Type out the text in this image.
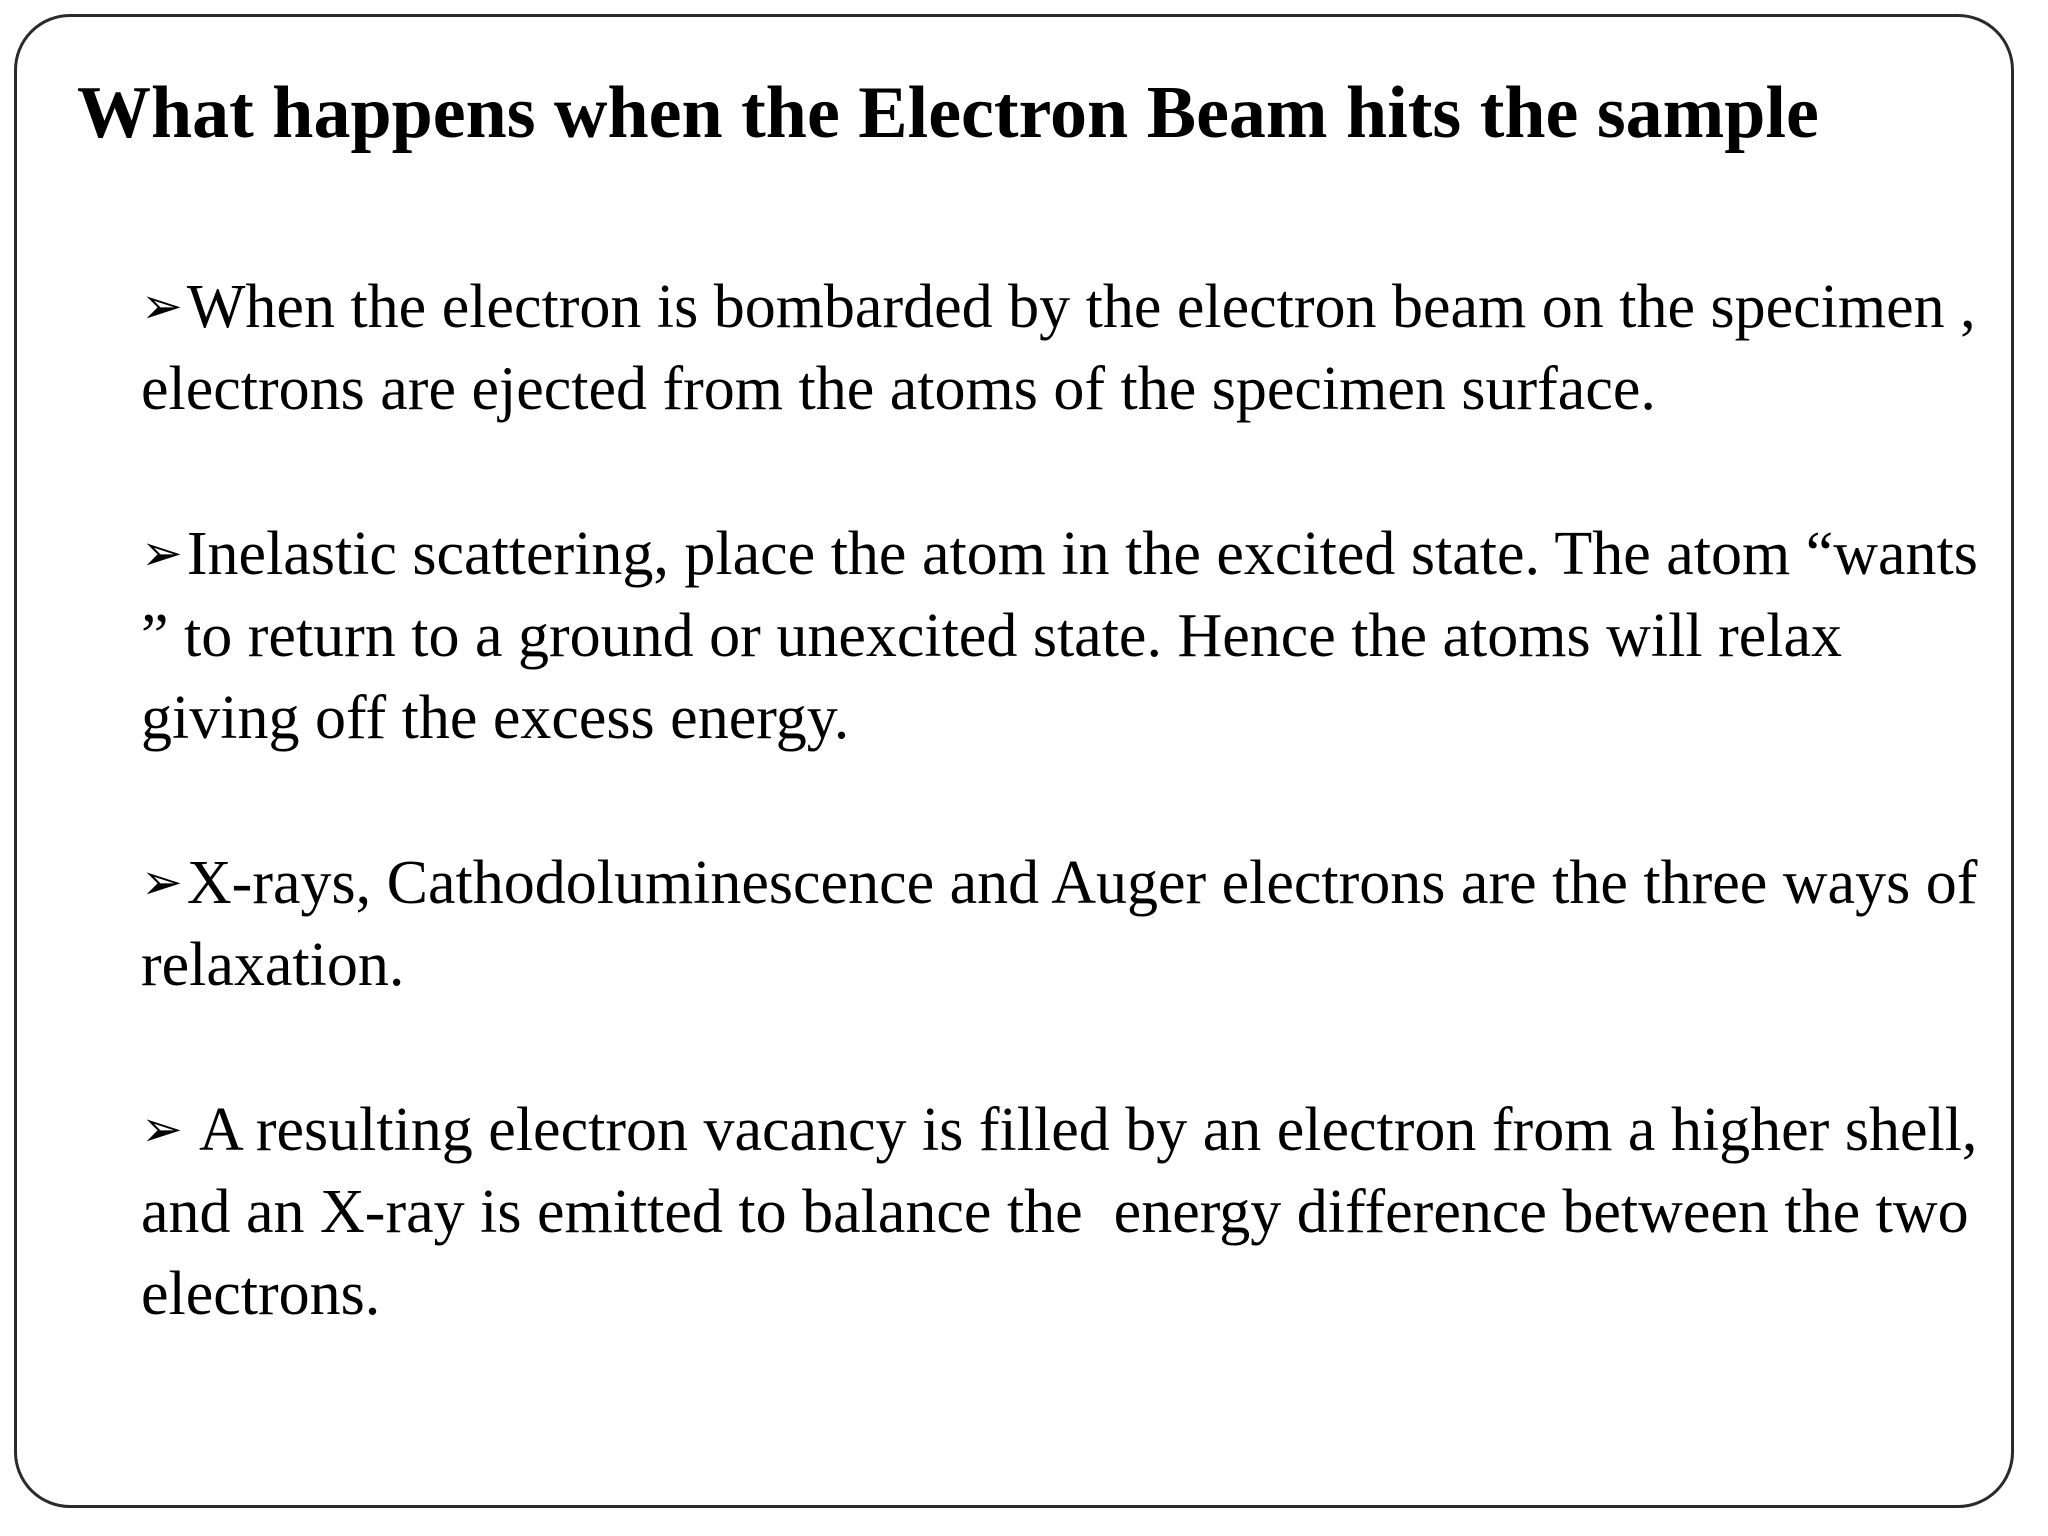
What happens when the Electron Beam hits the sample
➢When the electron is bombarded by the electron beam on the specimen , electrons are ejected from the atoms of the specimen surface.
➢Inelastic scattering, place the atom in the excited state. The atom “wants ” to return to a ground or unexcited state. Hence the atoms will relax giving off the excess energy.
➢X-rays, Cathodoluminescence and Auger electrons are the three ways of relaxation.
➢ A resulting electron vacancy is filled by an electron from a higher shell, and an X-ray is emitted to balance the  energy difference between the two electrons.
